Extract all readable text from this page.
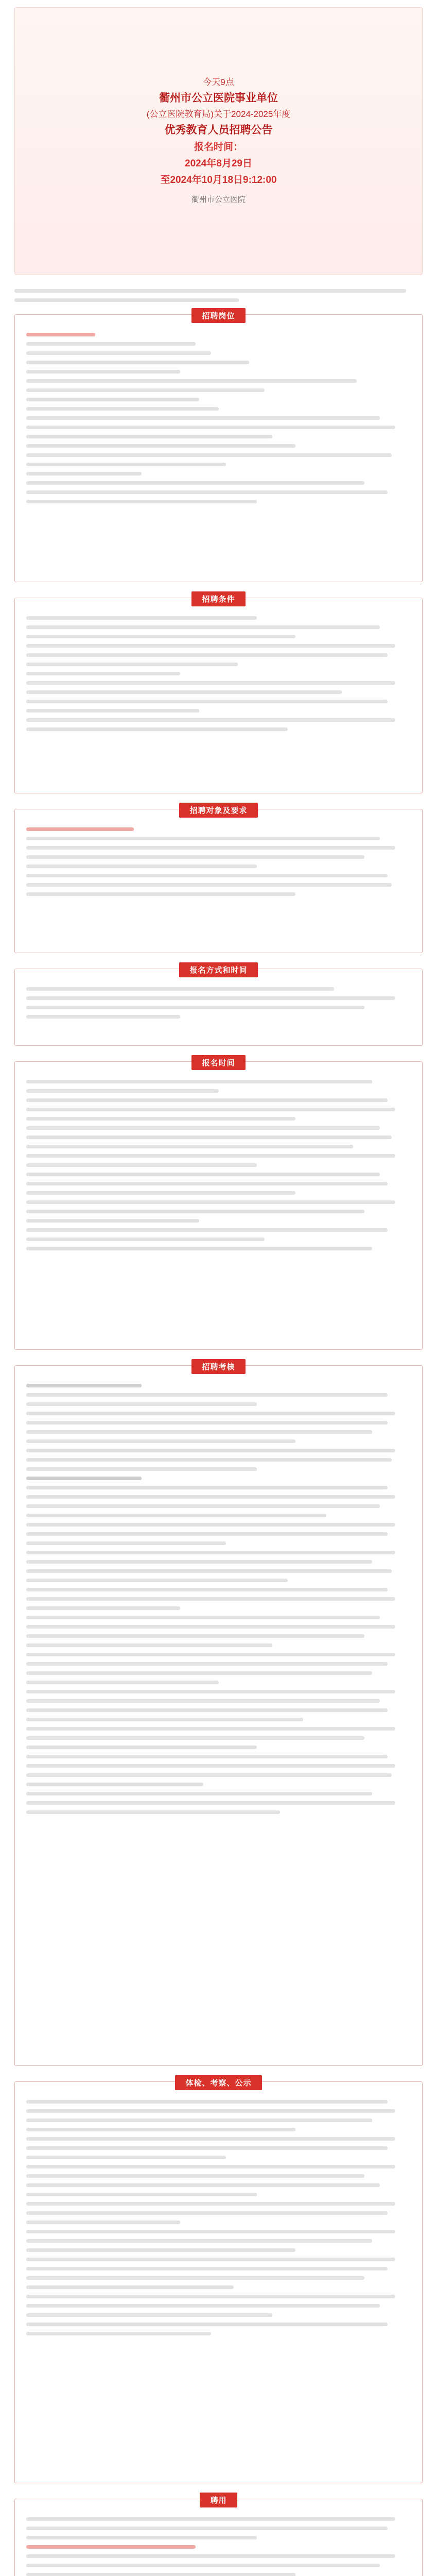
今天9点
衢州市公立医院事业单位
(公立医院教育局)关于2024-2025年度
优秀教育人员招聘公告
报名时间：
2024年8月29日
至2024年10月18日9:12:00
衢州市公立医院
招聘岗位
招聘条件
招聘对象及要求
报名方式和时间
报名时间
招聘考核
体检、考察、公示
聘用
